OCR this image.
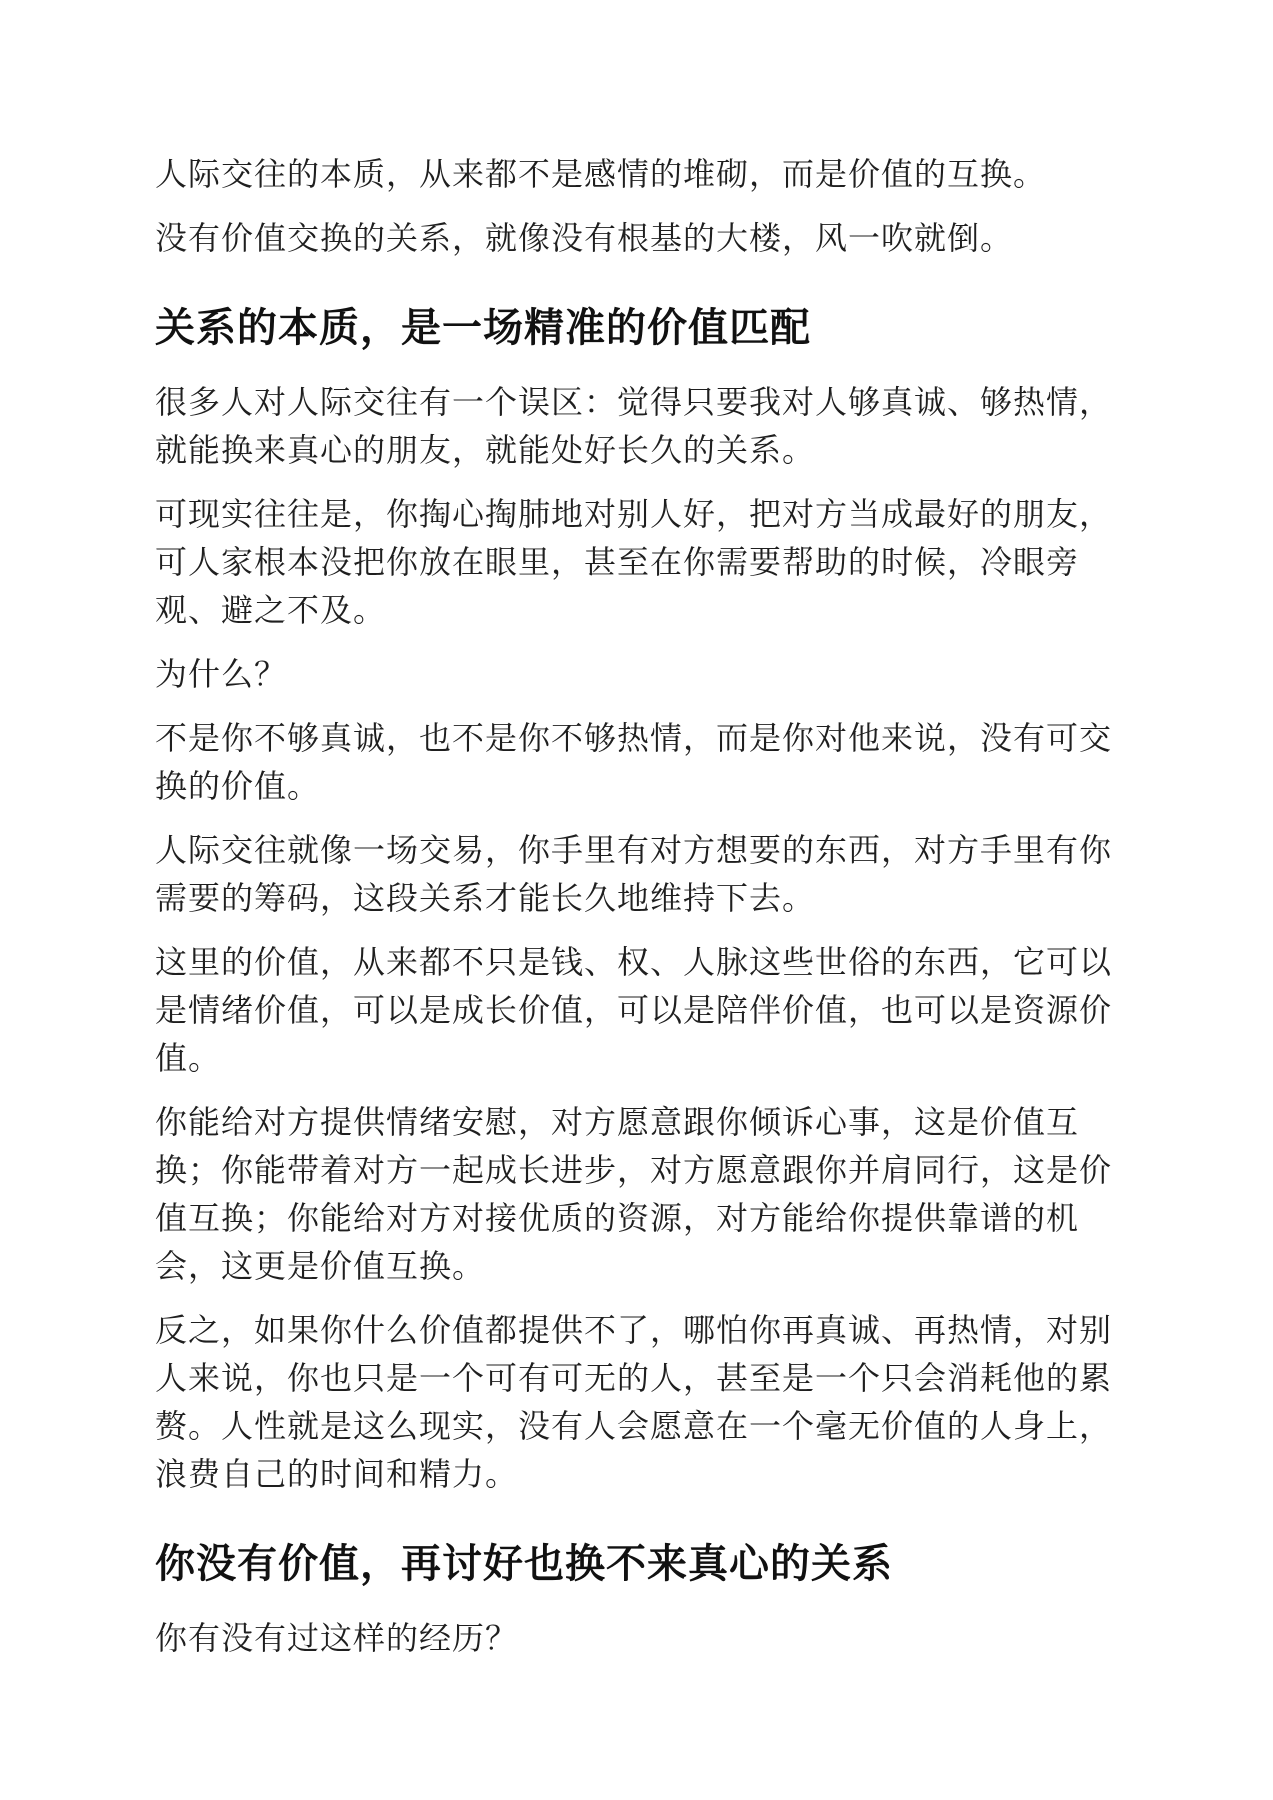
人际交往的本质，从来都不是感情的堆砌，而是价值的互换。

没有价值交换的关系，就像没有根基的大楼，风一吹就倒。

关系的本质，是一场精准的价值匹配

很多人对人际交往有一个误区：觉得只要我对人够真诚、够热情，就能换来真心的朋友，就能处好长久的关系。

可现实往往是，你掏心掏肺地对别人好，把对方当成最好的朋友，可人家根本没把你放在眼里，甚至在你需要帮助的时候，冷眼旁观、避之不及。

为什么？

不是你不够真诚，也不是你不够热情，而是你对他来说，没有可交换的价值。

人际交往就像一场交易，你手里有对方想要的东西，对方手里有你需要的筹码，这段关系才能长久地维持下去。

这里的价值，从来都不只是钱、权、人脉这些世俗的东西，它可以是情绪价值，可以是成长价值，可以是陪伴价值，也可以是资源价值。

你能给对方提供情绪安慰，对方愿意跟你倾诉心事，这是价值互换；你能带着对方一起成长进步，对方愿意跟你并肩同行，这是价值互换；你能给对方对接优质的资源，对方能给你提供靠谱的机会，这更是价值互换。

反之，如果你什么价值都提供不了，哪怕你再真诚、再热情，对别人来说，你也只是一个可有可无的人，甚至是一个只会消耗他的累赘。人性就是这么现实，没有人会愿意在一个毫无价值的人身上，浪费自己的时间和精力。

你没有价值，再讨好也换不来真心的关系

你有没有过这样的经历？
